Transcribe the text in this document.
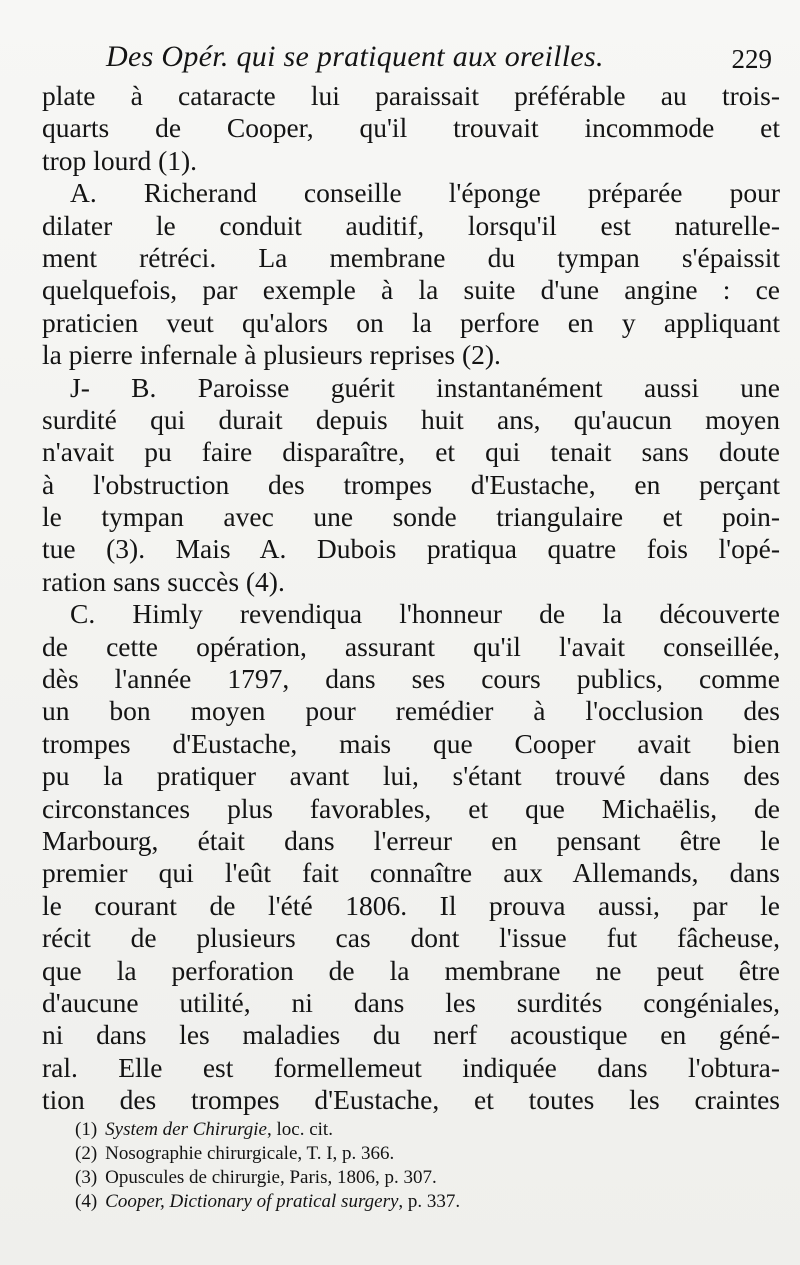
Des Opér. qui se pratiquent aux oreilles.	229
plate à cataracte lui paraissait préférable au trois-
quarts de Cooper, qu'il trouvait incommode et
trop lourd (1).
A. Richerand conseille l'éponge préparée pour
dilater le conduit auditif, lorsqu'il est naturelle-
ment rétréci. La membrane du tympan s'épaissit
quelquefois, par exemple à la suite d'une angine : ce
praticien veut qu'alors on la perfore en y appliquant
la pierre infernale à plusieurs reprises (2).
J- B. Paroisse guérit instantanément aussi une
surdité qui durait depuis huit ans, qu'aucun moyen
n'avait pu faire disparaître, et qui tenait sans doute
à l'obstruction des trompes d'Eustache, en perçant
le tympan avec une sonde triangulaire et poin-
tue (3). Mais A. Dubois pratiqua quatre fois l'opé-
ration sans succès (4).
C. Himly revendiqua l'honneur de la découverte
de cette opération, assurant qu'il l'avait conseillée,
dès l'année 1797, dans ses cours publics, comme
un bon moyen pour remédier à l'occlusion des
trompes d'Eustache, mais que Cooper avait bien
pu la pratiquer avant lui, s'étant trouvé dans des
circonstances plus favorables, et que Michaëlis, de
Marbourg, était dans l'erreur en pensant être le
premier qui l'eût fait connaître aux Allemands, dans
le courant de l'été 1806. Il prouva aussi, par le
récit de plusieurs cas dont l'issue fut fâcheuse,
que la perforation de la membrane ne peut être
d'aucune utilité, ni dans les surdités congéniales,
ni dans les maladies du nerf acoustique en géné-
ral. Elle est formellemeut indiquée dans l'obtura-
tion des trompes d'Eustache, et toutes les craintes
(1) System der Chirurgie, loc. cit.
(2) Nosographie chirurgicale, T. I, p. 366.
(3) Opuscules de chirurgie, Paris, 1806, p. 307.
(4) Cooper, Dictionary of pratical surgery, p. 337.
